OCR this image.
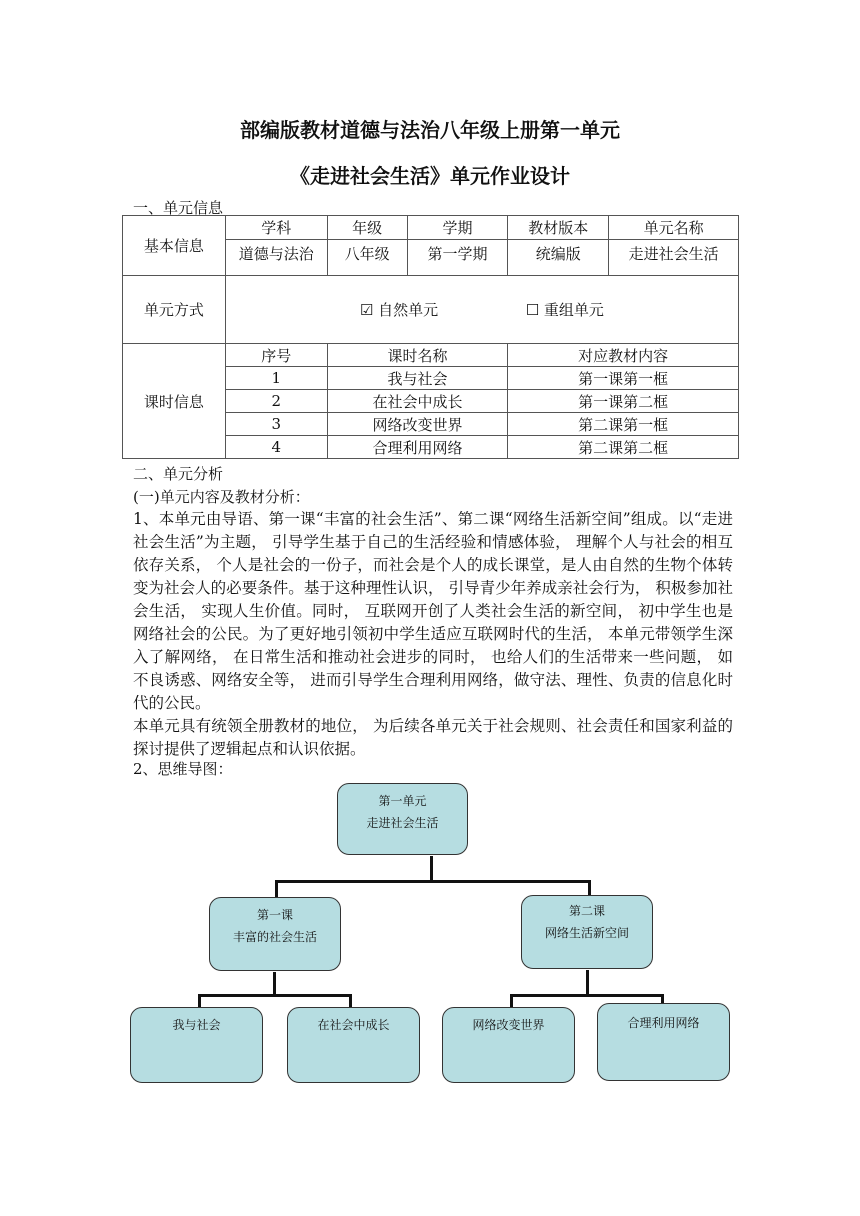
部编版教材道德与法治八年级上册第一单元
《走进社会生活》单元作业设计
一、单元信息
基本信息	学科	年级	学期	教材版本	单元名称
	道德与法治	八年级	第一学期	统编版	走进社会生活
单元方式	☑ 自然单元 ☐ 重组单元				
课时信息	序号	课时名称		对应教材内容	
	1	我与社会		第一课第一框	
	2	在社会中成长		第一课第二框	
	3	网络改变世界		第二课第一框	
	4	合理利用网络		第二课第二框	
二、单元分析
(一)单元内容及教材分析：
1、本单元由导语、第一课“丰富的社会生活”、第二课“网络生活新空间”组成。以“走进社会生活”为主题， 引导学生基于自己的生活经验和情感体验， 理解个人与社会的相互依存关系， 个人是社会的一份子，而社会是个人的成长课堂，是人由自然的生物个体转变为社会人的必要条件。基于这种理性认识， 引导青少年养成亲社会行为， 积极参加社会生活， 实现人生价值。同时， 互联网开创了人类社会生活的新空间， 初中学生也是网络社会的公民。为了更好地引领初中学生适应互联网时代的生活， 本单元带领学生深入了解网络， 在日常生活和推动社会进步的同时， 也给人们的生活带来一些问题， 如不良诱惑、网络安全等， 进而引导学生合理利用网络，做守法、理性、负责的信息化时代的公民。
本单元具有统领全册教材的地位， 为后续各单元关于社会规则、社会责任和国家利益的探讨提供了逻辑起点和认识依据。
2、思维导图：
第一单元
走进社会生活
第一课
丰富的社会生活
第二课
网络生活新空间
我与社会	在社会中成长	网络改变世界	合理利用网络
